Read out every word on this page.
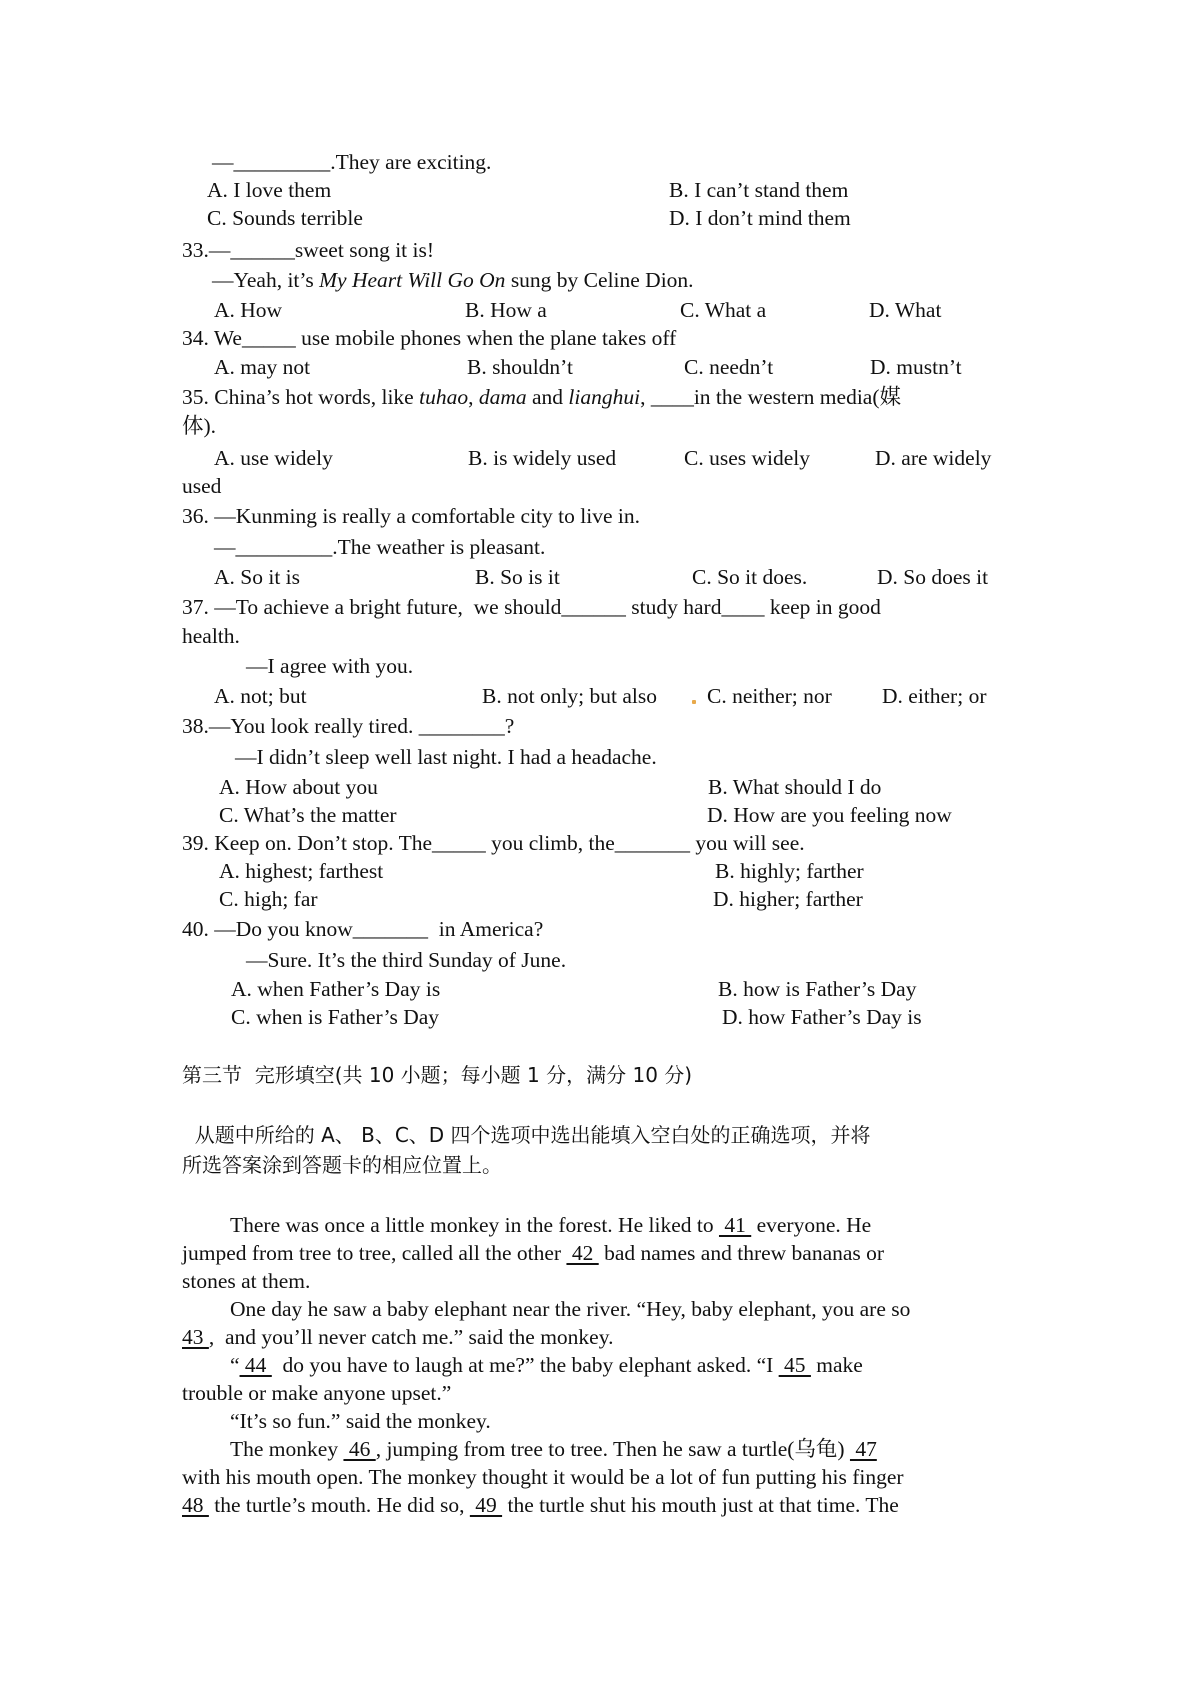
—_________.They are exciting.
A. I love them	B. I can’t stand them
C. Sounds terrible	D. I don’t mind them
33.—______sweet song it is!
—Yeah, it’s My Heart Will Go On sung by Celine Dion.
A. How	B. How a	C. What a	D. What
34. We_____ use mobile phones when the plane takes off
A. may not	B. shouldn’t	C. needn’t	D. mustn’t
35. China’s hot words, like tuhao, dama and lianghui, ____in the western media(媒
体).
A. use widely	B. is widely used	C. uses widely	D. are widely
used
36. —Kunming is really a comfortable city to live in.
—_________.The weather is pleasant.
A. So it is	B. So is it	C. So it does.	D. So does it
37. —To achieve a bright future,  we should______ study hard____ keep in good
health.
—I agree with you.
A. not; but	B. not only; but also C. neither; nor D. either; or
38.—You look really tired. ________?
—I didn’t sleep well last night. I had a headache.
A. How about you	B. What should I do
C. What’s the matter	D. How are you feeling now
39. Keep on. Don’t stop. The_____ you climb, the_______ you will see.
A. highest; farthest	B. highly; farther
C. high; far	D. higher; farther
40. —Do you know_______  in America?
—Sure. It’s the third Sunday of June.
A. when Father’s Day is	B. how is Father’s Day
C. when is Father’s Day	D. how Father’s Day is
第三节  完形填空(共 10 小题；每小题 1 分，满分 10 分)
从题中所给的 A、 B、C、D 四个选项中选出能填入空白处的正确选项，并将
所选答案涂到答题卡的相应位置上。
There was once a little monkey in the forest. He liked to  41  everyone. He
jumped from tree to tree, called all the other  42  bad names and threw bananas or
stones at them.
One day he saw a baby elephant near the river. “Hey, baby elephant, you are so
43 ,  and you’ll never catch me.” said the monkey.
“ 44   do you have to laugh at me?” the baby elephant asked. “I  45  make
trouble or make anyone upset.”
“It’s so fun.” said the monkey.
The monkey  46 , jumping from tree to tree. Then he saw a turtle(乌龟)  47
with his mouth open. The monkey thought it would be a lot of fun putting his finger
48  the turtle’s mouth. He did so,  49  the turtle shut his mouth just at that time. The
